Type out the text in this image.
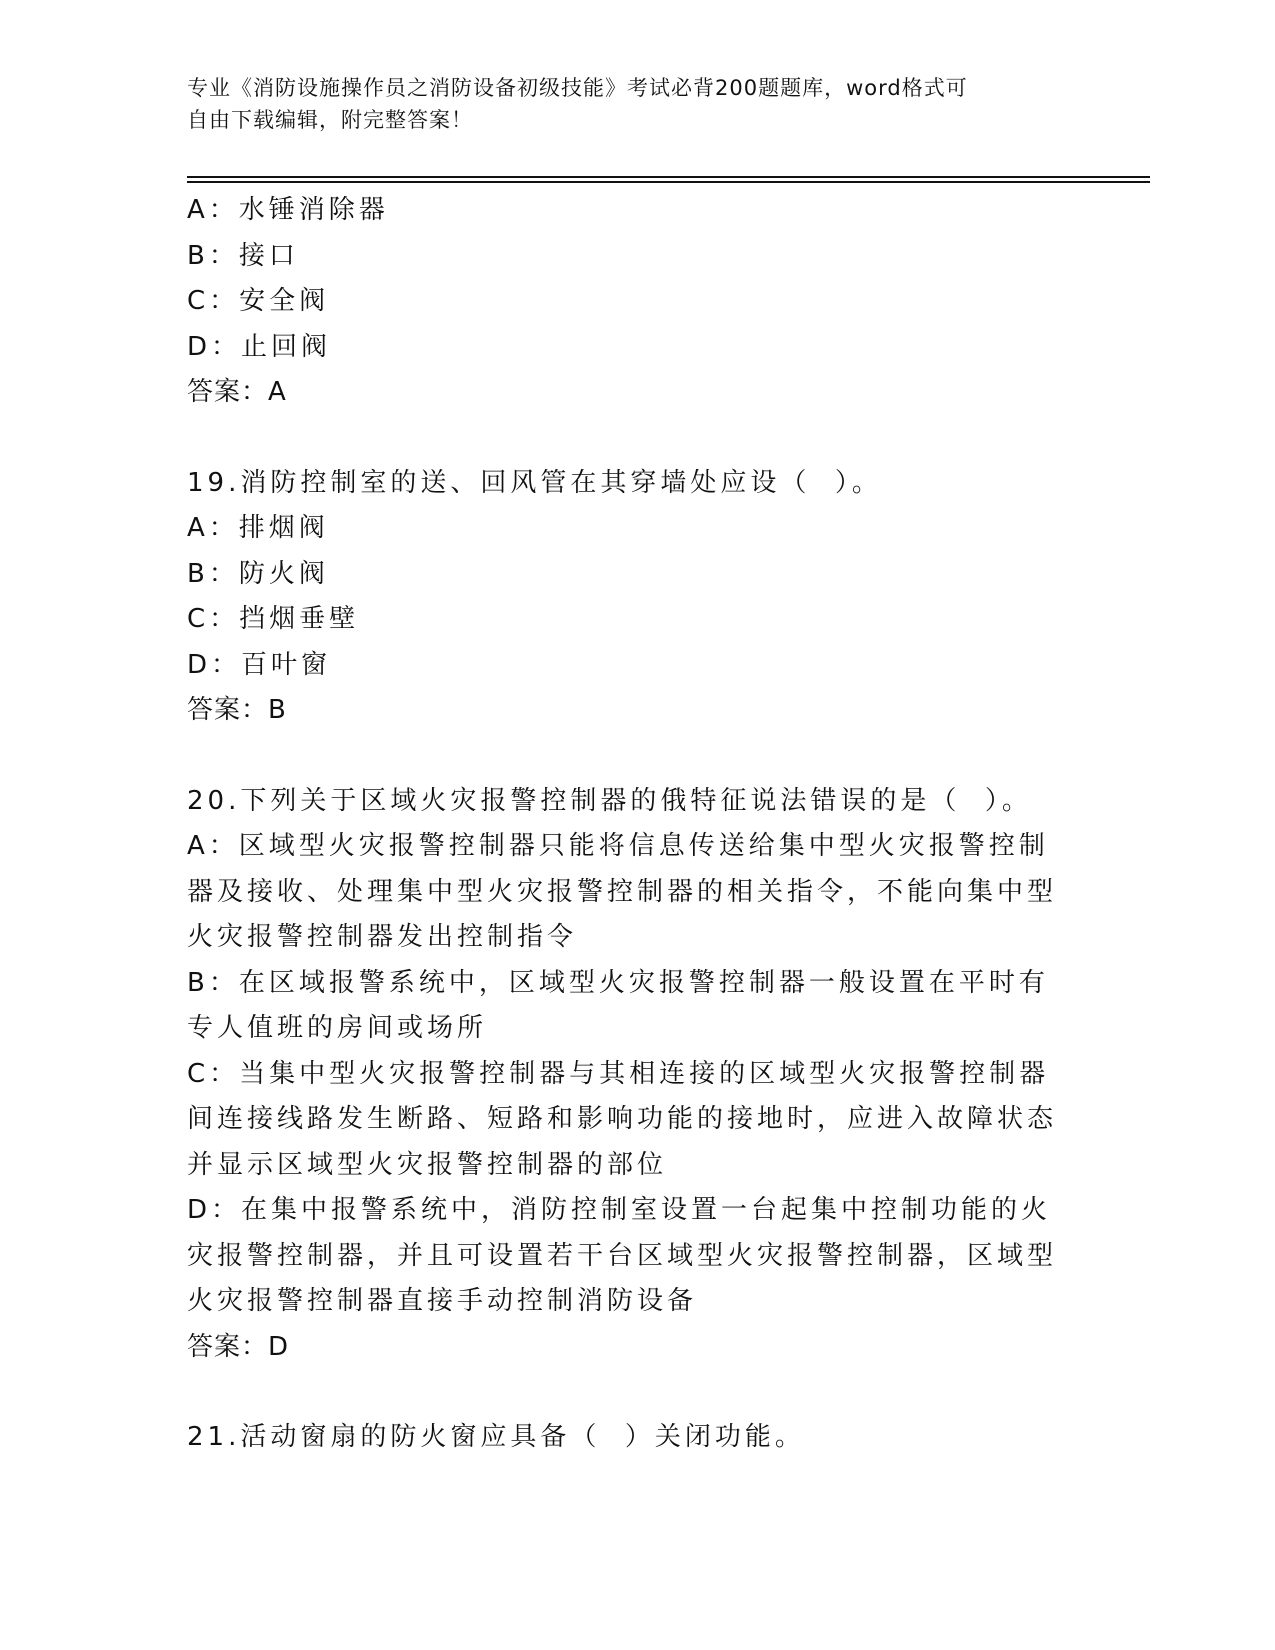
专业《消防设施操作员之消防设备初级技能》考试必背200题题库，word格式可
自由下载编辑，附完整答案！
A：水锤消除器
B：接口
C：安全阀
D：止回阀
答案：A
19.消防控制室的送、回风管在其穿墙处应设（  ）。
A：排烟阀
B：防火阀
C：挡烟垂壁
D：百叶窗
答案：B
20.下列关于区域火灾报警控制器的俄特征说法错误的是（  ）。
A：区域型火灾报警控制器只能将信息传送给集中型火灾报警控制器及接收、处理集中型火灾报警控制器的相关指令，不能向集中型火灾报警控制器发出控制指令
B：在区域报警系统中，区域型火灾报警控制器一般设置在平时有专人值班的房间或场所
C：当集中型火灾报警控制器与其相连接的区域型火灾报警控制器间连接线路发生断路、短路和影响功能的接地时，应进入故障状态并显示区域型火灾报警控制器的部位
D：在集中报警系统中，消防控制室设置一台起集中控制功能的火灾报警控制器，并且可设置若干台区域型火灾报警控制器，区域型火灾报警控制器直接手动控制消防设备
答案：D
21.活动窗扇的防火窗应具备（  ）关闭功能。
